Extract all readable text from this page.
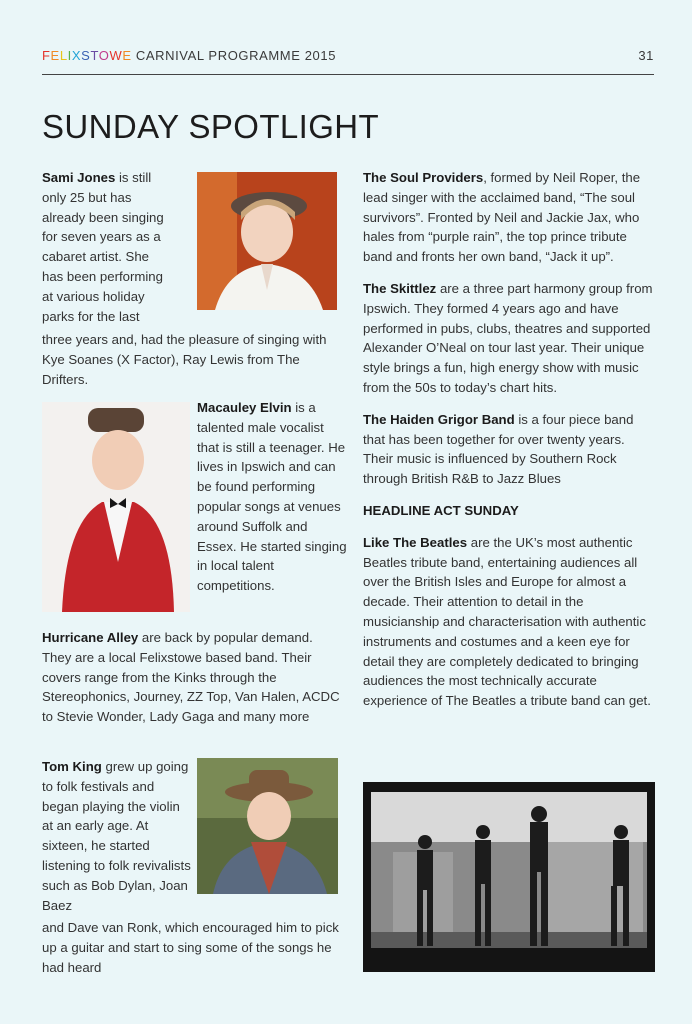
FELIXSTOWE CARNIVAL PROGRAMME 2015	31
SUNDAY SPOTLIGHT
Sami Jones is still
only 25 but has
already been singing
for seven years as a
cabaret artist. She
has been performing
at various holiday
parks for the last
three years and, had the pleasure of singing with Kye Soanes (X Factor), Ray Lewis from The Drifters.
Macauley Elvin is a talented male vocalist that is still a teenager. He lives in Ipswich and can be found performing popular songs at venues around Suffolk and Essex. He started singing in local talent competitions.
Hurricane Alley are back by popular demand. They are a local Felixstowe based band. Their covers range from the Kinks through the Stereophonics, Journey, ZZ Top, Van Halen, ACDC to Stevie Wonder, Lady Gaga and many more
Tom King grew up going to folk festivals and began playing the violin at an early age. At sixteen, he started listening to folk revivalists such as Bob Dylan, Joan Baez
and Dave van Ronk, which encouraged him to pick up a guitar and start to sing some of the songs he had heard

The Soul Providers, formed by Neil Roper, the lead singer with the acclaimed band, “The soul survivors”. Fronted by Neil and Jackie Jax, who hales from “purple rain”, the top prince tribute band and fronts her own band, “Jack it up”.

The Skittlez are a three part harmony group from Ipswich. They formed 4 years ago and have performed in pubs, clubs, theatres and supported Alexander O’Neal on tour last year. Their unique style brings a fun, high energy show with music from the 50s to today’s chart hits.

The Haiden Grigor Band is a four piece band that has been together for over twenty years. Their music is influenced by Southern Rock through British R&B to Jazz Blues

HEADLINE ACT SUNDAY

Like The Beatles are the UK’s most authentic Beatles tribute band, entertaining audiences all over the British Isles and Europe for almost a decade. Their attention to detail in the musicianship and characterisation with authentic instruments and costumes and a keen eye for detail they are completely dedicated to bringing audiences the most technically accurate experience of The Beatles a tribute band can get.
